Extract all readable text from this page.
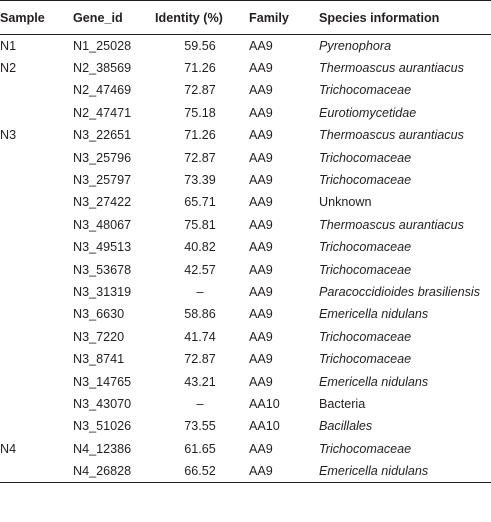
Sample	Gene_id	Identity (%)	Family	Species information
N1	N1_25028	59.56	AA9	Pyrenophora
N2	N2_38569	71.26	AA9	Thermoascus aurantiacus
	N2_47469	72.87	AA9	Trichocomaceae
	N2_47471	75.18	AA9	Eurotiomycetidae
N3	N3_22651	71.26	AA9	Thermoascus aurantiacus
	N3_25796	72.87	AA9	Trichocomaceae
	N3_25797	73.39	AA9	Trichocomaceae
	N3_27422	65.71	AA9	Unknown
	N3_48067	75.81	AA9	Thermoascus aurantiacus
	N3_49513	40.82	AA9	Trichocomaceae
	N3_53678	42.57	AA9	Trichocomaceae
	N3_31319	–	AA9	Paracoccidioides brasiliensis
	N3_6630	58.86	AA9	Emericella nidulans
	N3_7220	41.74	AA9	Trichocomaceae
	N3_8741	72.87	AA9	Trichocomaceae
	N3_14765	43.21	AA9	Emericella nidulans
	N3_43070	–	AA10	Bacteria
	N3_51026	73.55	AA10	Bacillales
N4	N4_12386	61.65	AA9	Trichocomaceae
	N4_26828	66.52	AA9	Emericella nidulans
